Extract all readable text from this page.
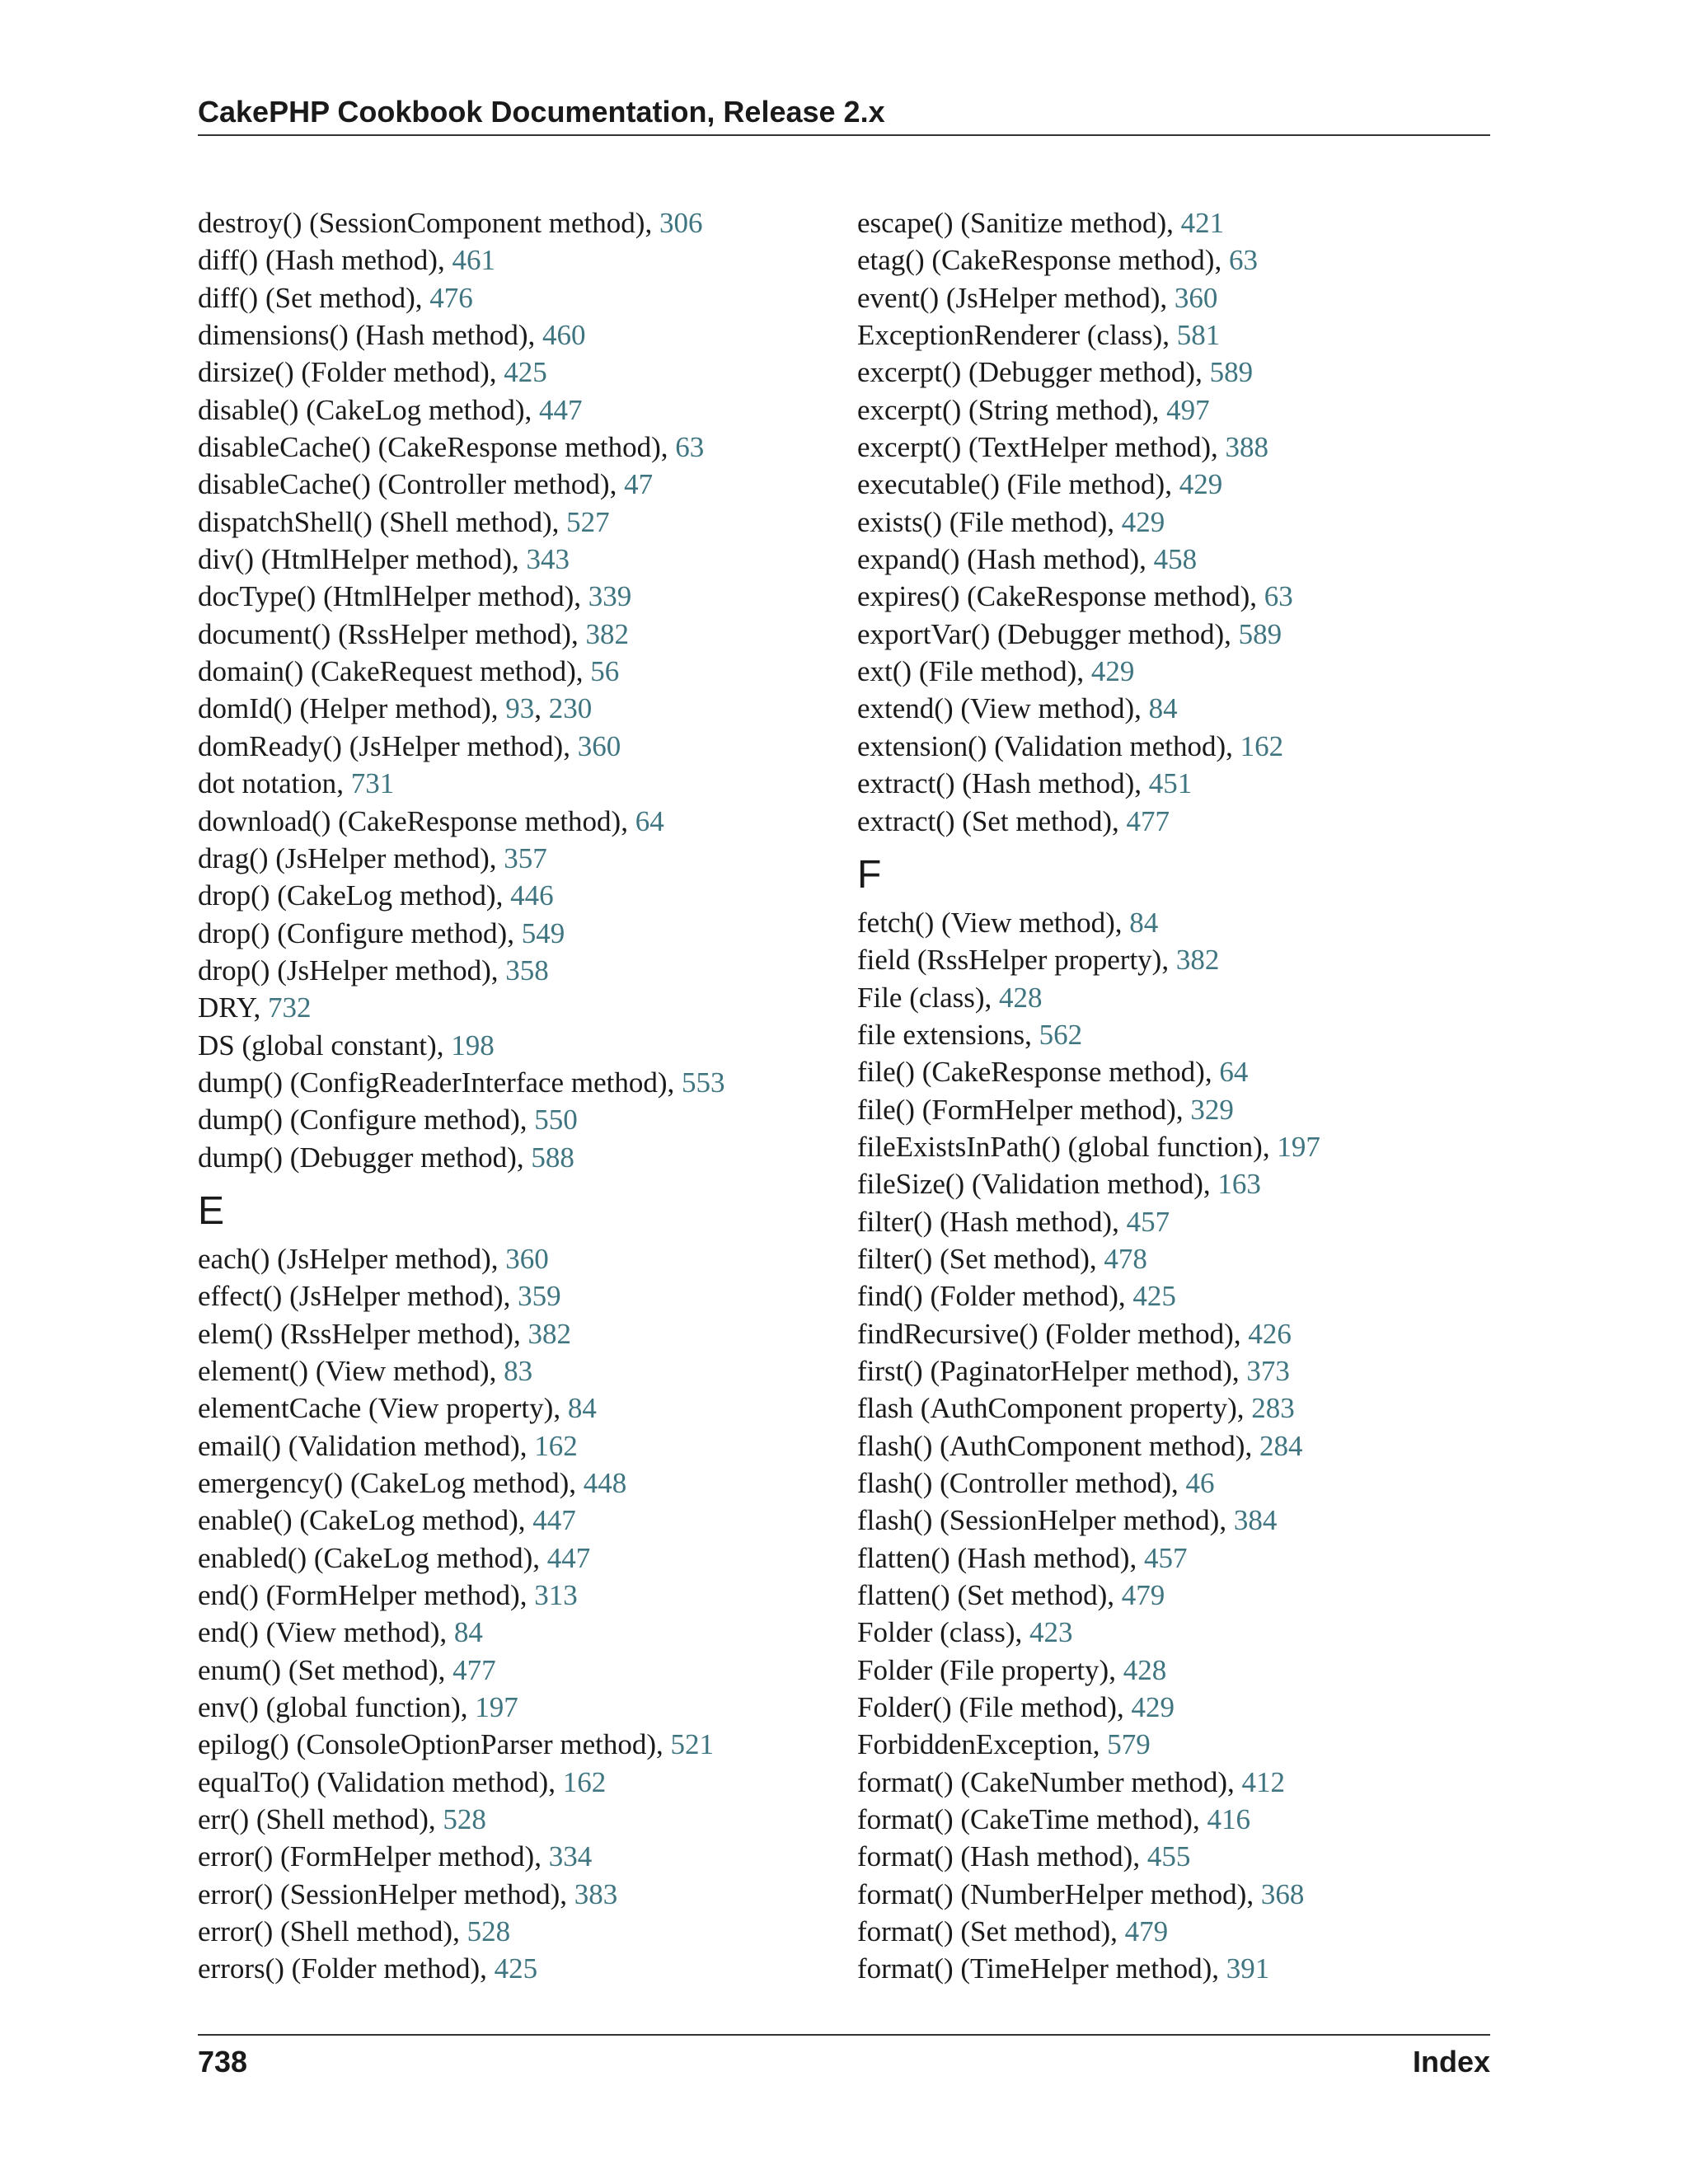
CakePHP Cookbook Documentation, Release 2.x
destroy() (SessionComponent method), 306
diff() (Hash method), 461
diff() (Set method), 476
dimensions() (Hash method), 460
dirsize() (Folder method), 425
disable() (CakeLog method), 447
disableCache() (CakeResponse method), 63
disableCache() (Controller method), 47
dispatchShell() (Shell method), 527
div() (HtmlHelper method), 343
docType() (HtmlHelper method), 339
document() (RssHelper method), 382
domain() (CakeRequest method), 56
domId() (Helper method), 93, 230
domReady() (JsHelper method), 360
dot notation, 731
download() (CakeResponse method), 64
drag() (JsHelper method), 357
drop() (CakeLog method), 446
drop() (Configure method), 549
drop() (JsHelper method), 358
DRY, 732
DS (global constant), 198
dump() (ConfigReaderInterface method), 553
dump() (Configure method), 550
dump() (Debugger method), 588
E
each() (JsHelper method), 360
effect() (JsHelper method), 359
elem() (RssHelper method), 382
element() (View method), 83
elementCache (View property), 84
email() (Validation method), 162
emergency() (CakeLog method), 448
enable() (CakeLog method), 447
enabled() (CakeLog method), 447
end() (FormHelper method), 313
end() (View method), 84
enum() (Set method), 477
env() (global function), 197
epilog() (ConsoleOptionParser method), 521
equalTo() (Validation method), 162
err() (Shell method), 528
error() (FormHelper method), 334
error() (SessionHelper method), 383
error() (Shell method), 528
errors() (Folder method), 425
escape() (Sanitize method), 421
etag() (CakeResponse method), 63
event() (JsHelper method), 360
ExceptionRenderer (class), 581
excerpt() (Debugger method), 589
excerpt() (String method), 497
excerpt() (TextHelper method), 388
executable() (File method), 429
exists() (File method), 429
expand() (Hash method), 458
expires() (CakeResponse method), 63
exportVar() (Debugger method), 589
ext() (File method), 429
extend() (View method), 84
extension() (Validation method), 162
extract() (Hash method), 451
extract() (Set method), 477
F
fetch() (View method), 84
field (RssHelper property), 382
File (class), 428
file extensions, 562
file() (CakeResponse method), 64
file() (FormHelper method), 329
fileExistsInPath() (global function), 197
fileSize() (Validation method), 163
filter() (Hash method), 457
filter() (Set method), 478
find() (Folder method), 425
findRecursive() (Folder method), 426
first() (PaginatorHelper method), 373
flash (AuthComponent property), 283
flash() (AuthComponent method), 284
flash() (Controller method), 46
flash() (SessionHelper method), 384
flatten() (Hash method), 457
flatten() (Set method), 479
Folder (class), 423
Folder (File property), 428
Folder() (File method), 429
ForbiddenException, 579
format() (CakeNumber method), 412
format() (CakeTime method), 416
format() (Hash method), 455
format() (NumberHelper method), 368
format() (Set method), 479
format() (TimeHelper method), 391
738	Index
